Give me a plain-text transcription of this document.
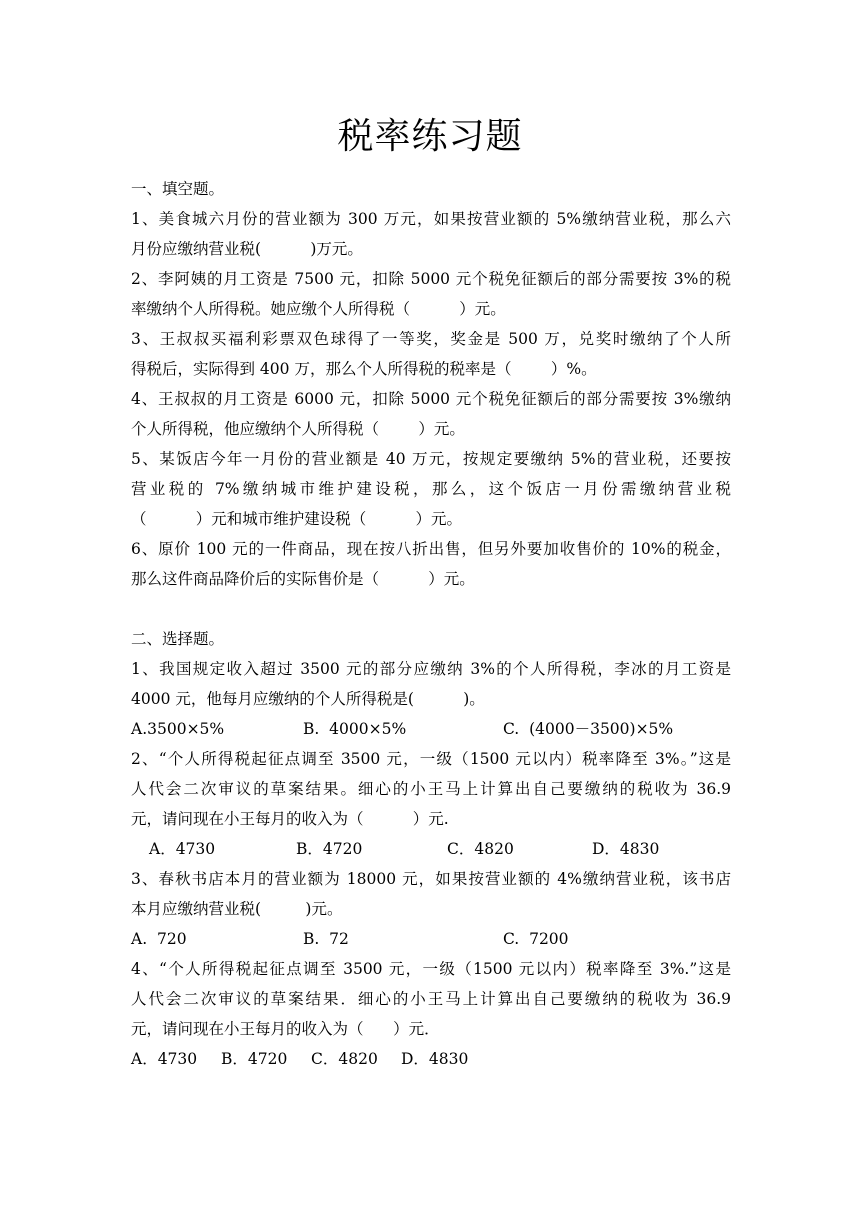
税率练习题
一、填空题。
1、美食城六月份的营业额为 300 万元，如果按营业额的 5%缴纳营业税，那么六
月份应缴纳营业税(          )万元。
2、李阿姨的月工资是 7500 元，扣除 5000 元个税免征额后的部分需要按 3%的税
率缴纳个人所得税。她应缴个人所得税（          ）元。
3、王叔叔买福利彩票双色球得了一等奖，奖金是 500 万，兑奖时缴纳了个人所
得税后，实际得到 400 万，那么个人所得税的税率是（        ）%。
4、王叔叔的月工资是 6000 元，扣除 5000 元个税免征额后的部分需要按 3%缴纳
个人所得税，他应缴纳个人所得税（        ）元。
5、某饭店今年一月份的营业额是 40 万元，按规定要缴纳 5%的营业税，还要按
营业税的 7%缴纳城市维护建设税，那么，这个饭店一月份需缴纳营业税
（          ）元和城市维护建设税（          ）元。
6、原价 100 元的一件商品，现在按八折出售，但另外要加收售价的 10%的税金，
那么这件商品降价后的实际售价是（          ）元。
二、选择题。
1、我国规定收入超过 3500 元的部分应缴纳 3%的个人所得税，李冰的月工资是
4000 元，他每月应缴纳的个人所得税是(          )。
A.3500×5%	B.  4000×5%	C.  (4000－3500)×5%
2、“个人所得税起征点调至 3500 元，一级（1500 元以内）税率降至 3%。”这是
人代会二次审议的草案结果。细心的小王马上计算出自己要缴纳的税收为 36.9
元，请问现在小王每月的收入为（          ）元.
A．4730	B．4720	C．4820	D．4830
3、春秋书店本月的营业额为 18000 元，如果按营业额的 4%缴纳营业税，该书店
本月应缴纳营业税(         )元。
A.  720	B.  72	C.  7200
4、“个人所得税起征点调至 3500 元，一级（1500 元以内）税率降至 3%.”这是
人代会二次审议的草案结果．细心的小王马上计算出自己要缴纳的税收为 36.9
元，请问现在小王每月的收入为（      ）元．
A．4730	B．4720	C．4820	D．4830
